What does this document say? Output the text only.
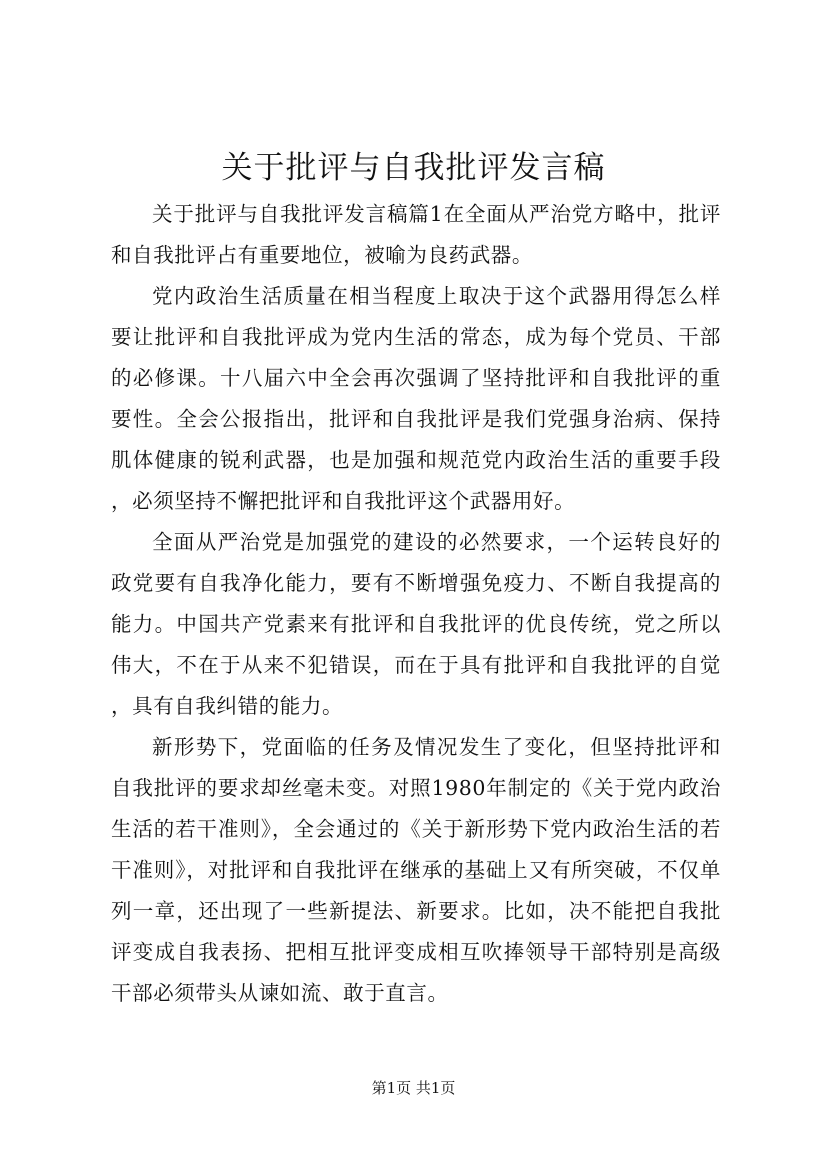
关于批评与自我批评发言稿

关于批评与自我批评发言稿篇1在全面从严治党方略中，批评和自我批评占有重要地位，被喻为良药武器。

党内政治生活质量在相当程度上取决于这个武器用得怎么样要让批评和自我批评成为党内生活的常态，成为每个党员、干部的必修课。十八届六中全会再次强调了坚持批评和自我批评的重要性。全会公报指出，批评和自我批评是我们党强身治病、保持肌体健康的锐利武器，也是加强和规范党内政治生活的重要手段，必须坚持不懈把批评和自我批评这个武器用好。

全面从严治党是加强党的建设的必然要求，一个运转良好的政党要有自我净化能力，要有不断增强免疫力、不断自我提高的能力。中国共产党素来有批评和自我批评的优良传统，党之所以伟大，不在于从来不犯错误，而在于具有批评和自我批评的自觉，具有自我纠错的能力。

新形势下，党面临的任务及情况发生了变化，但坚持批评和自我批评的要求却丝毫未变。对照1980年制定的《关于党内政治生活的若干准则》，全会通过的《关于新形势下党内政治生活的若干准则》，对批评和自我批评在继承的基础上又有所突破，不仅单列一章，还出现了一些新提法、新要求。比如，决不能把自我批评变成自我表扬、把相互批评变成相互吹捧领导干部特别是高级干部必须带头从谏如流、敢于直言。

第1页 共1页
